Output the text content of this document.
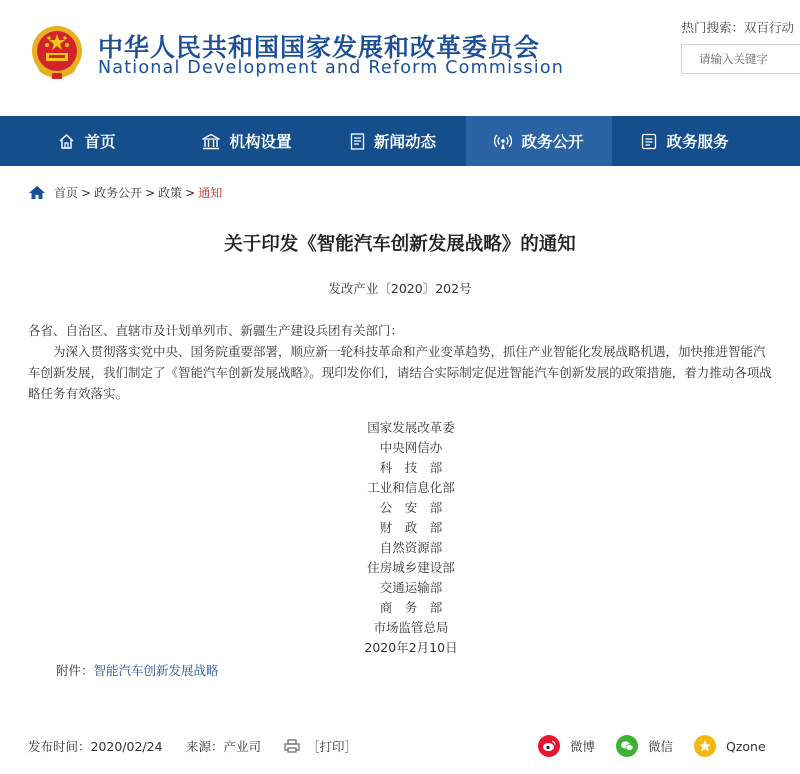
中华人民共和国国家发展和改革委员会
National Development and Reform Commission
热门搜索：双百行动
请输入关键字
首页	机构设置	新闻动态	政务公开	政务服务
首页 > 政务公开 > 政策 > 通知
关于印发《智能汽车创新发展战略》的通知
发改产业〔2020〕202号

各省、自治区、直辖市及计划单列市、新疆生产建设兵团有关部门：

为深入贯彻落实党中央、国务院重要部署，顺应新一轮科技革命和产业变革趋势，抓住产业智能化发展战略机遇，加快推进智能汽车创新发展，我们制定了《智能汽车创新发展战略》。现印发你们，请结合实际制定促进智能汽车创新发展的政策措施，着力推动各项战略任务有效落实。

国家发展改革委
中央网信办
科　技　部
工业和信息化部
公　安　部
财　政　部
自然资源部
住房城乡建设部
交通运输部
商　务　部
市场监管总局
2020年2月10日
附件：智能汽车创新发展战略
发布时间：2020/02/24 来源：产业司	［打印］	微博	微信	Qzone
